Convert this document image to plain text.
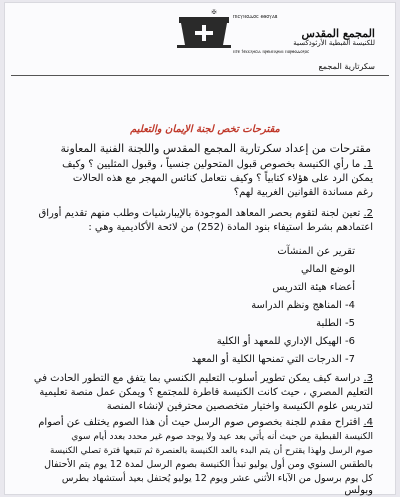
✠
ⲡⲓⲥⲩⲛⲟⲇⲟⲥ ⲉⲑⲟⲩⲁⲃ
المجمع المقدس
للكنيسة القبطية الأرثوذكسية
ⲛ̀ⲧⲉ ϯⲉⲕⲕⲗⲏⲥⲓⲁ ⲛ̀ⲣⲉⲙⲛ̀ⲭⲏⲙⲓ ⲛ̀ⲟⲣⲑⲟⲇⲟⲝⲟⲥ
سكرتارية المجمع
مقترحات تخص لجنة الإيمان والتعليم
مقترحات من إعداد سكرتارية المجمع المقدس واللجنة الفنية المعاونة
1. ما رأي الكنيسة بخصوص قبول المتحولين جنسياً ، وقبول المثليين ؟ وكيف
يمكن الرد على هؤلاء كتابياً ؟ وكيف نتعامل كنائس المهجر مع هذه الحالات
رغم مساندة القوانين الغربية لهم؟
2. تعين لجنة لتقوم بحصر المعاهد الموجودة بالإيبارشيات وطلب منهم تقديم أوراق
اعتمادهم بشرط استيفاء بنود المادة (252) من لائحة الأكاديمية وهي :
تقرير عن المنشآت
الوضع المالي
أعضاء هيئة التدريس
4- المناهج ونظم الدراسة
5- الطلبة
6- الهيكل الإداري للمعهد أو الكلية
7- الدرجات التي تمنحها الكلية أو المعهد
3. دراسة كيف يمكن تطوير أسلوب التعليم الكنسي بما يتفق مع التطور الحادث في
التعليم المصري ، حيث كانت الكنيسة قاطرة للمجتمع ؟ ويمكن عمل منصة تعليمية
لتدريس علوم الكنيسة واختيار متخصصين محترفين لإنشاء المنصة
4. اقتراح مقدم للجنة بخصوص صوم الرسل حيث أن هذا الصوم يختلف عن أصوام
الكنيسة القبطية من حيث أنه يأتي بعد عيد ولا يوجد صوم غير محدد بعدد أيام سوي
صوم الرسل ولهذا يقترح أن يتم البدء بالعد الكنيسة بالعنصرة ثم تتبعها فترة تصلي الكنيسة
بالطقس السنوي ومن أول يوليو تبدأ الكنيسة بصوم الرسل لمدة 12 يوم يتم الأحتفال
كل يوم برسول من الآباء الأثني عشر ويوم 12 يوليو يُحتفل بعيد أستشهاد بطرس
وبولس
